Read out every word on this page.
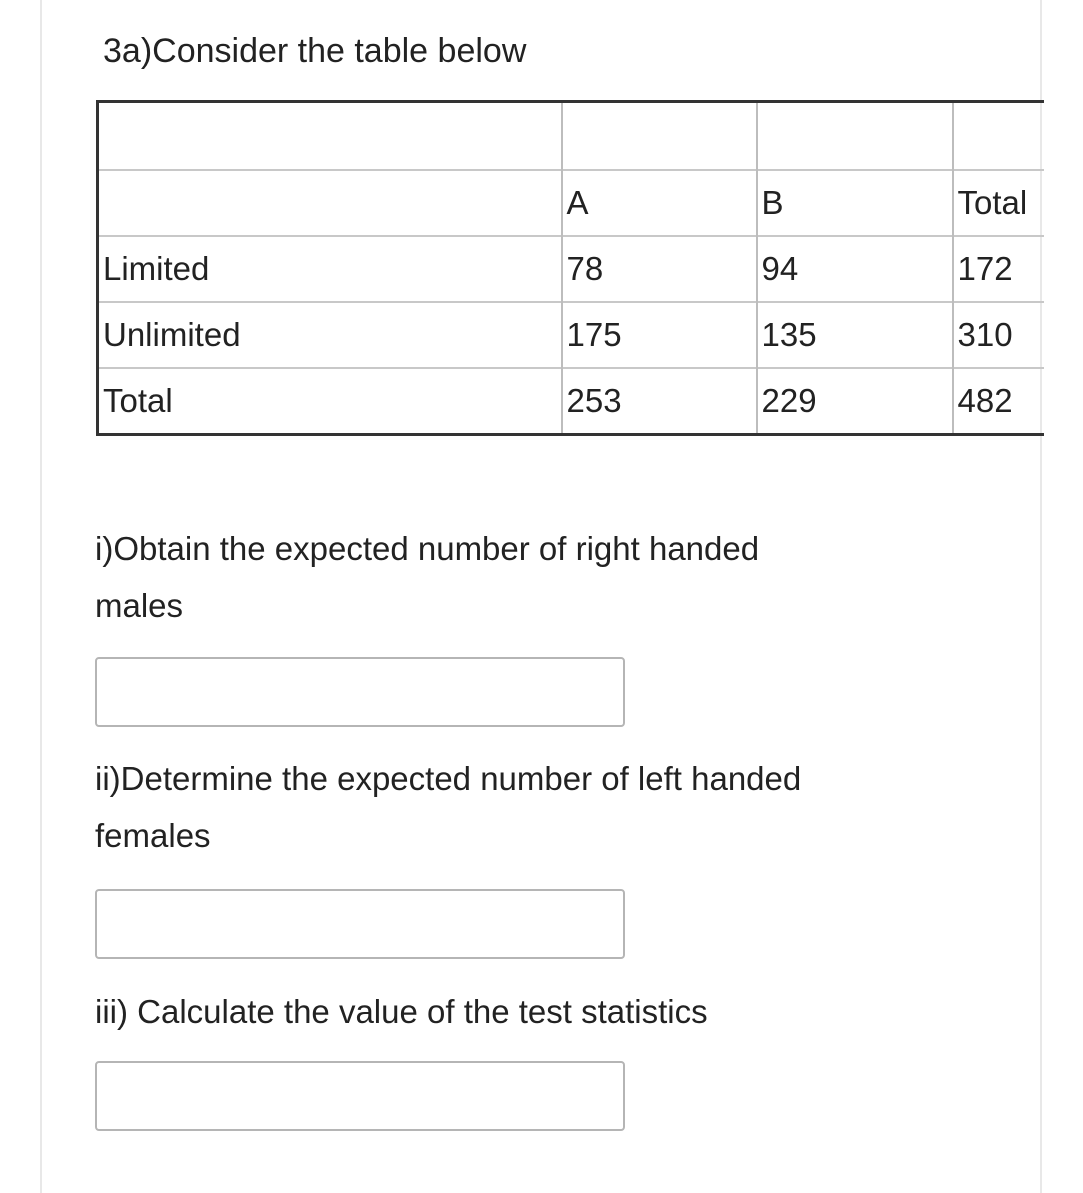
3a)Consider the table below

	A	B	Total
Limited	78	94	172
Unlimited	175	135	310
Total	253	229	482
i)Obtain the expected number of right handed
males
ii)Determine the expected number of left handed
females
iii) Calculate the value of the test statistics
